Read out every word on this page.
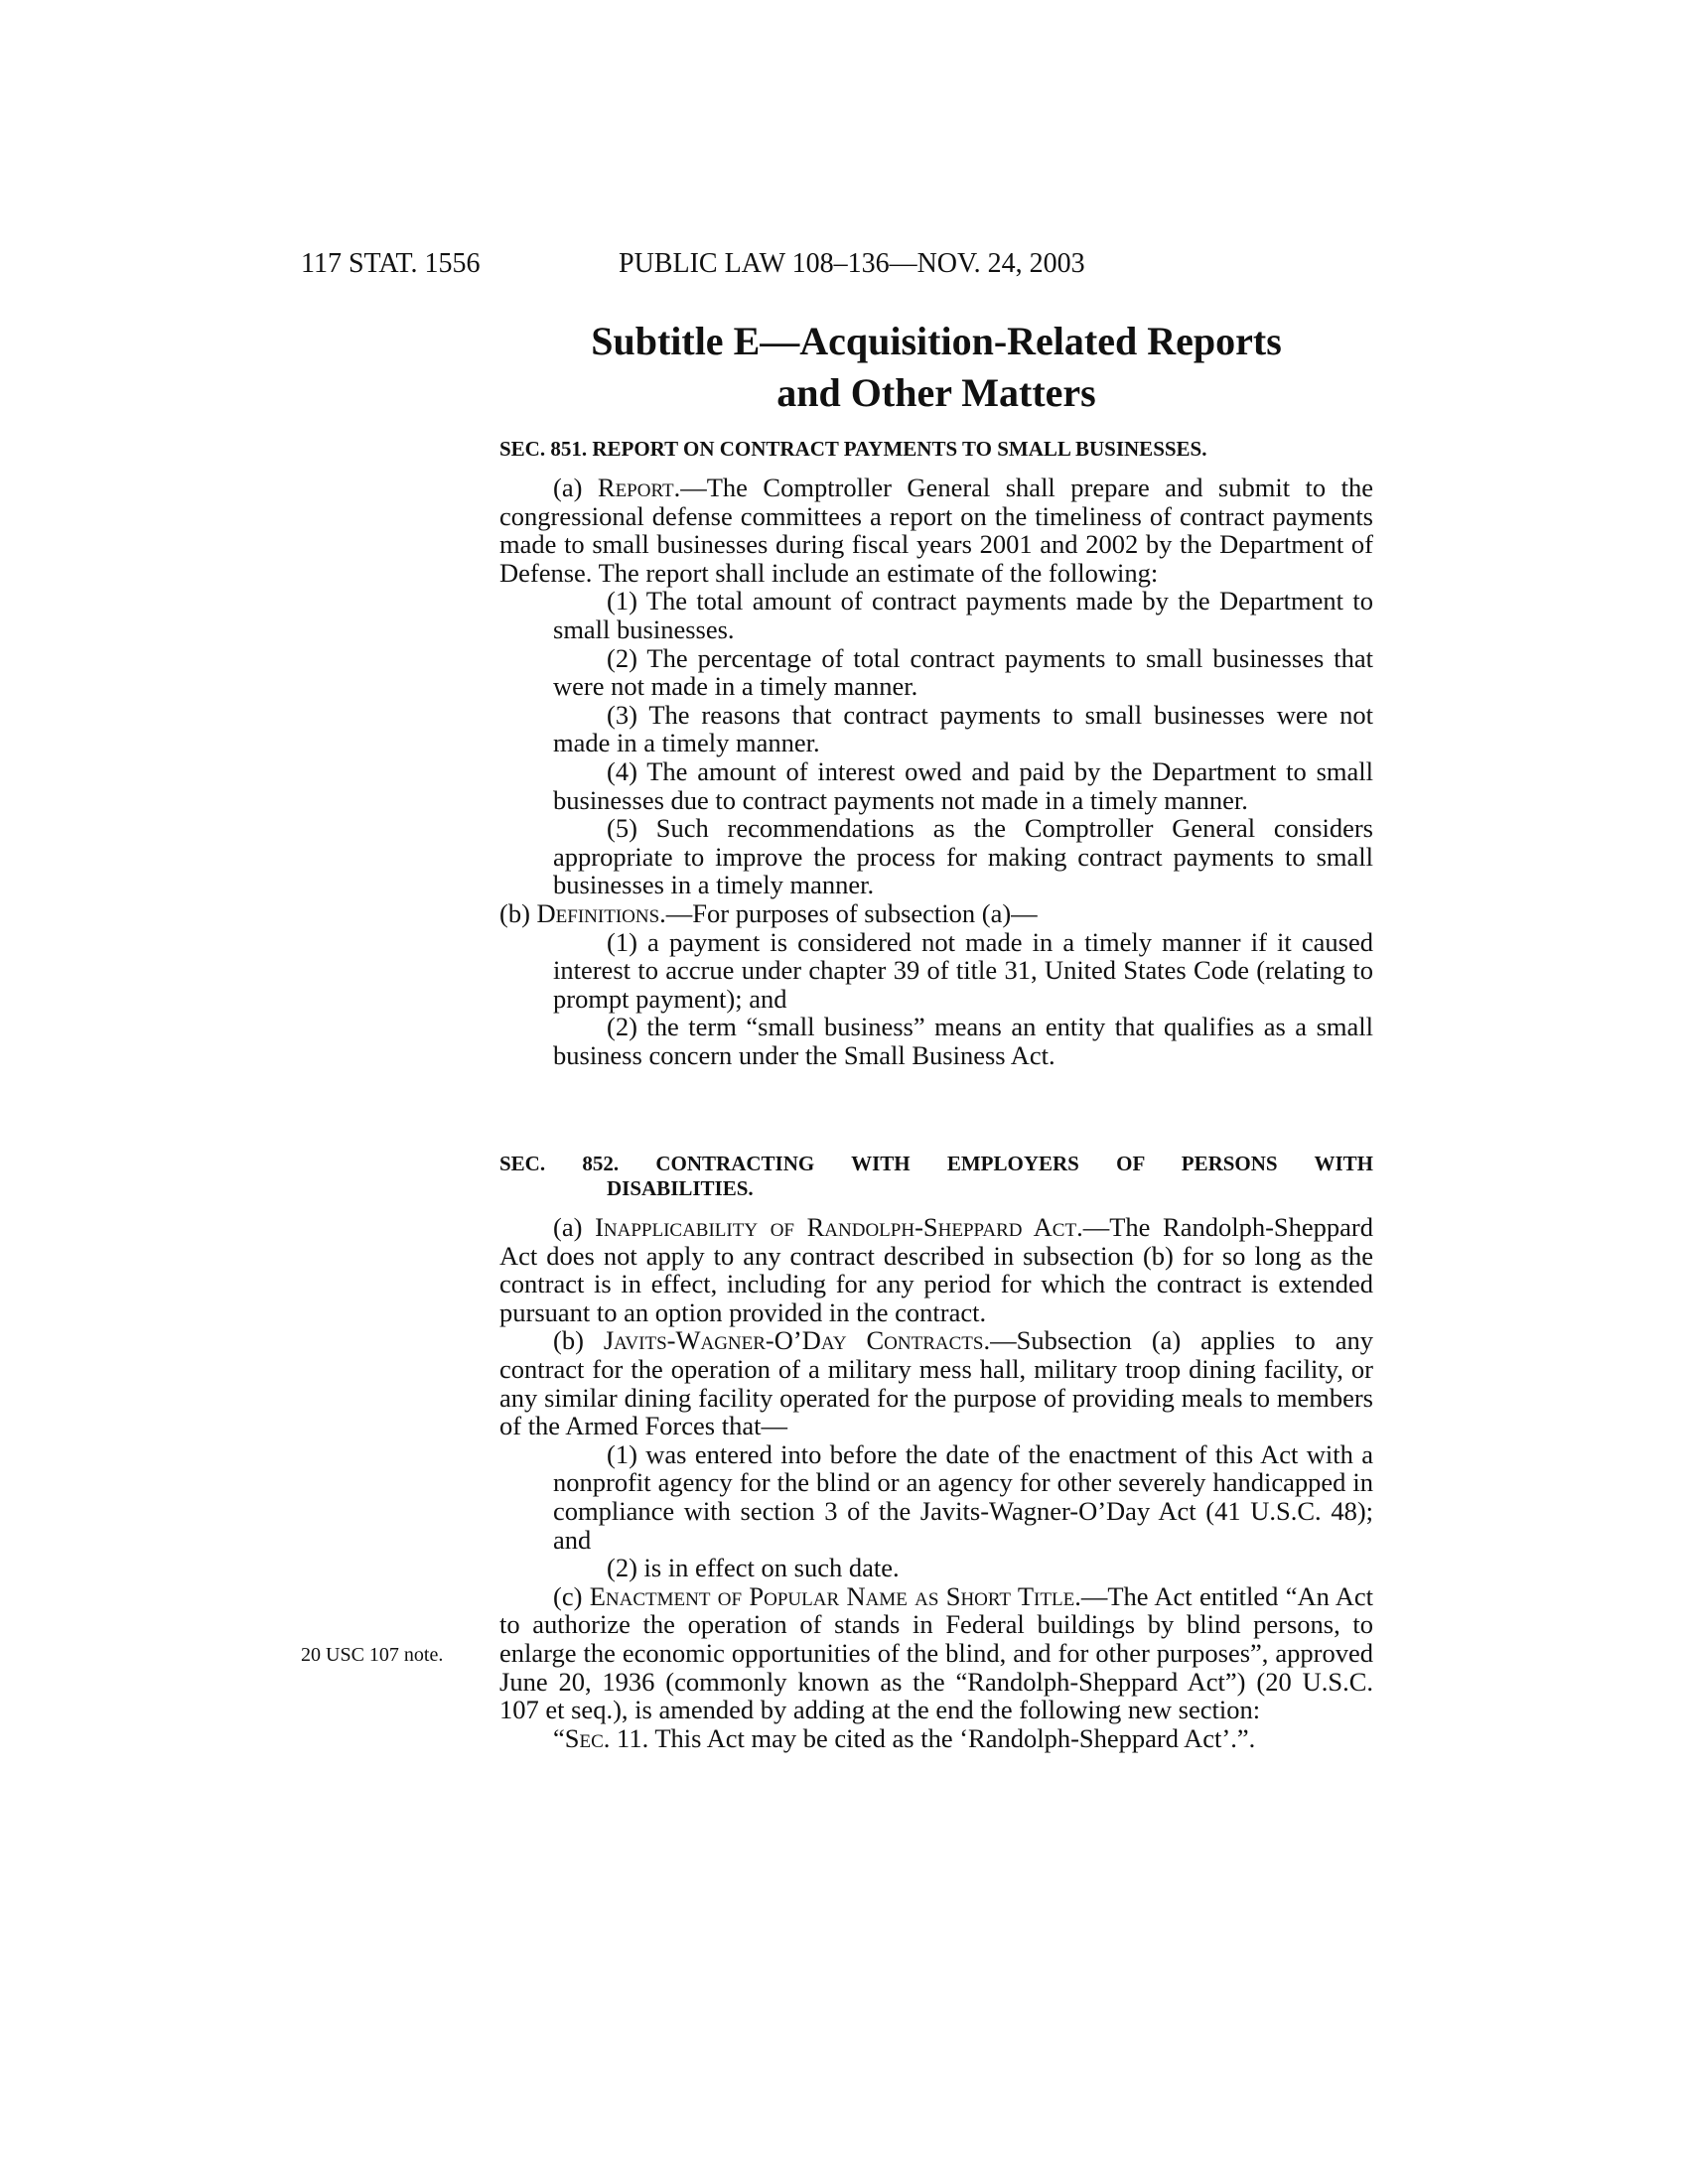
117 STAT. 1556	PUBLIC LAW 108–136—NOV. 24, 2003
Subtitle E—Acquisition-Related Reports
and Other Matters
SEC. 851. REPORT ON CONTRACT PAYMENTS TO SMALL BUSINESSES.

(a) Report.—The Comptroller General shall prepare and submit to the congressional defense committees a report on the timeliness of contract payments made to small businesses during fiscal years 2001 and 2002 by the Department of Defense. The report shall include an estimate of the following:

(1) The total amount of contract payments made by the Department to small businesses.

(2) The percentage of total contract payments to small businesses that were not made in a timely manner.

(3) The reasons that contract payments to small businesses were not made in a timely manner.

(4) The amount of interest owed and paid by the Department to small businesses due to contract payments not made in a timely manner.

(5) Such recommendations as the Comptroller General considers appropriate to improve the process for making contract payments to small businesses in a timely manner.

(b) Definitions.—For purposes of subsection (a)—

(1) a payment is considered not made in a timely manner if it caused interest to accrue under chapter 39 of title 31, United States Code (relating to prompt payment); and

(2) the term “small business” means an entity that qualifies as a small business concern under the Small Business Act.

SEC. 852. CONTRACTING WITH EMPLOYERS OF PERSONS WITH
DISABILITIES.

(a) Inapplicability of Randolph-Sheppard Act.—The Randolph-Sheppard Act does not apply to any contract described in subsection (b) for so long as the contract is in effect, including for any period for which the contract is extended pursuant to an option provided in the contract.

(b) Javits-Wagner-O’Day Contracts.—Subsection (a) applies to any contract for the operation of a military mess hall, military troop dining facility, or any similar dining facility operated for the purpose of providing meals to members of the Armed Forces that—

(1) was entered into before the date of the enactment of this Act with a nonprofit agency for the blind or an agency for other severely handicapped in compliance with section 3 of the Javits-Wagner-O’Day Act (41 U.S.C. 48); and

(2) is in effect on such date.

(c) Enactment of Popular Name as Short Title.—The Act entitled “An Act to authorize the operation of stands in Federal buildings by blind persons, to enlarge the economic opportunities of the blind, and for other purposes”, approved June 20, 1936 (commonly known as the “Randolph-Sheppard Act”) (20 U.S.C. 107 et seq.), is amended by adding at the end the following new section:

“Sec. 11. This Act may be cited as the ‘Randolph-Sheppard Act’.”.

20 USC 107 note.
